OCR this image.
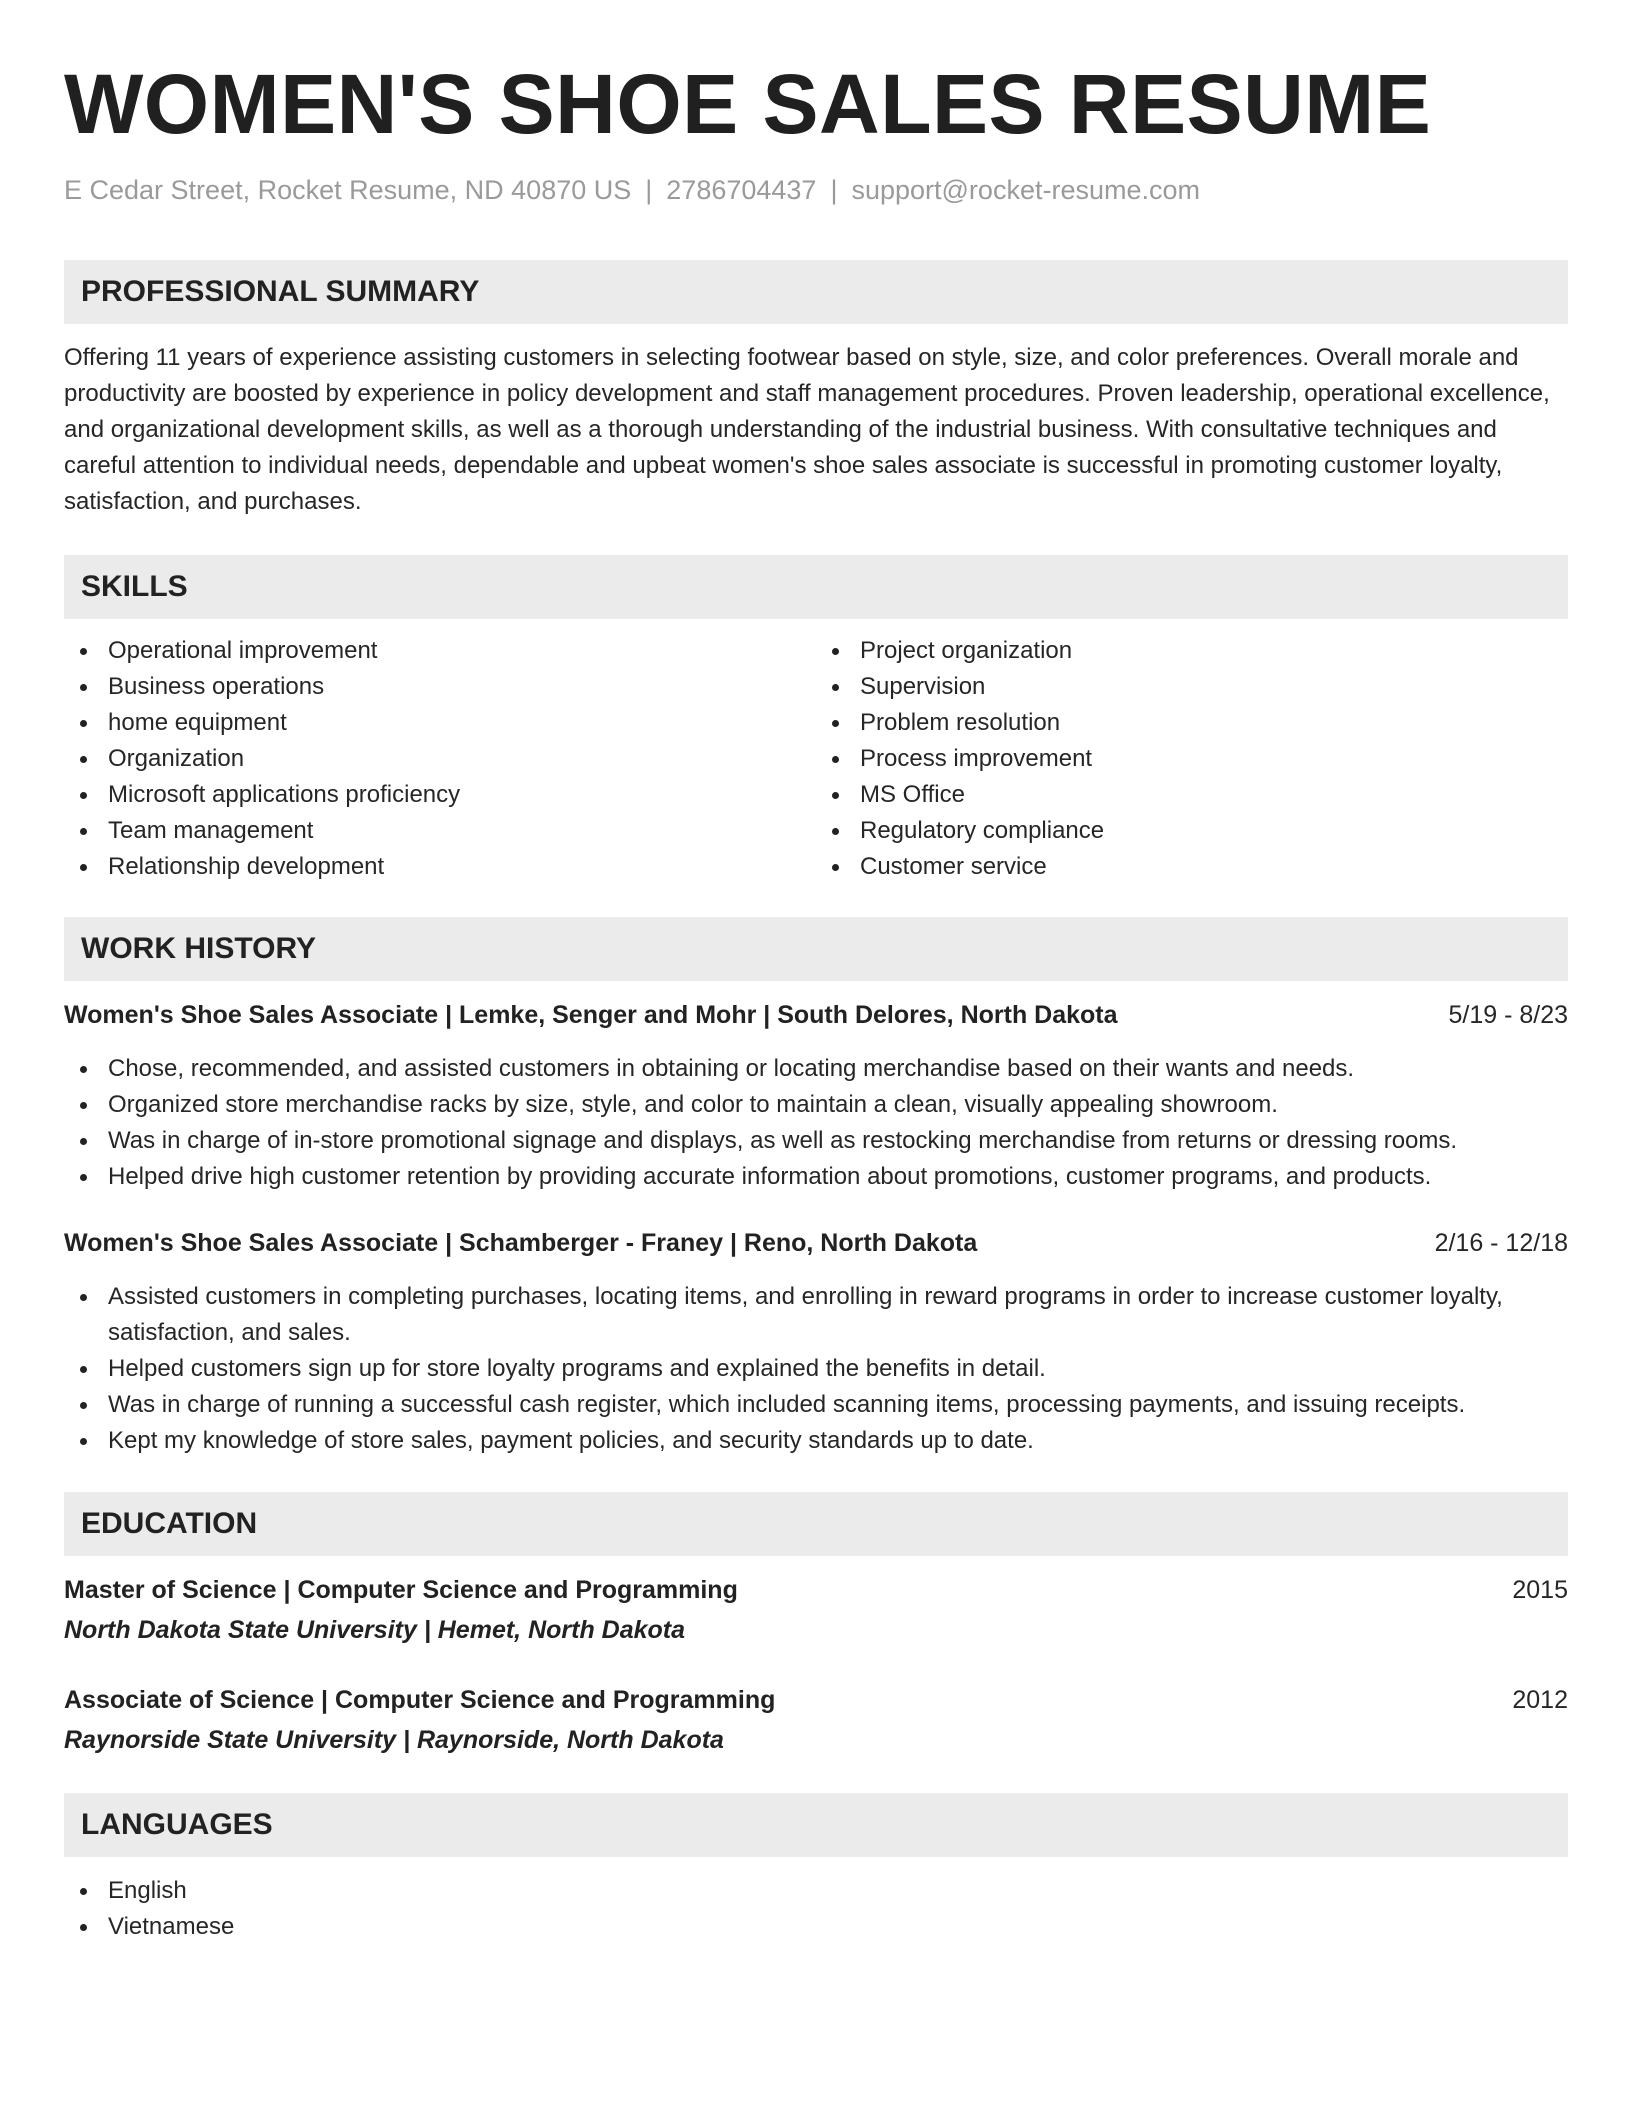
WOMEN'S SHOE SALES RESUME
E Cedar Street, Rocket Resume, ND 40870 US | 2786704437 | support@rocket-resume.com
PROFESSIONAL SUMMARY

Offering 11 years of experience assisting customers in selecting footwear based on style, size, and color preferences. Overall morale and productivity are boosted by experience in policy development and staff management procedures. Proven leadership, operational excellence, and organizational development skills, as well as a thorough understanding of the industrial business. With consultative techniques and careful attention to individual needs, dependable and upbeat women's shoe sales associate is successful in promoting customer loyalty, satisfaction, and purchases.

SKILLS
Operational improvement
Business operations
home equipment
Organization
Microsoft applications proficiency
Team management
Relationship development
Project organization
Supervision
Problem resolution
Process improvement
MS Office
Regulatory compliance
Customer service
WORK HISTORY
Women's Shoe Sales Associate | Lemke, Senger and Mohr | South Delores, North Dakota	5/19 - 8/23
Chose, recommended, and assisted customers in obtaining or locating merchandise based on their wants and needs.
Organized store merchandise racks by size, style, and color to maintain a clean, visually appealing showroom.
Was in charge of in-store promotional signage and displays, as well as restocking merchandise from returns or dressing rooms.
Helped drive high customer retention by providing accurate information about promotions, customer programs, and products.
Women's Shoe Sales Associate | Schamberger - Franey | Reno, North Dakota	2/16 - 12/18
Assisted customers in completing purchases, locating items, and enrolling in reward programs in order to increase customer loyalty, satisfaction, and sales.
Helped customers sign up for store loyalty programs and explained the benefits in detail.
Was in charge of running a successful cash register, which included scanning items, processing payments, and issuing receipts.
Kept my knowledge of store sales, payment policies, and security standards up to date.
EDUCATION
Master of Science | Computer Science and Programming	2015
North Dakota State University | Hemet, North Dakota
Associate of Science | Computer Science and Programming	2012
Raynorside State University | Raynorside, North Dakota
LANGUAGES
English
Vietnamese
